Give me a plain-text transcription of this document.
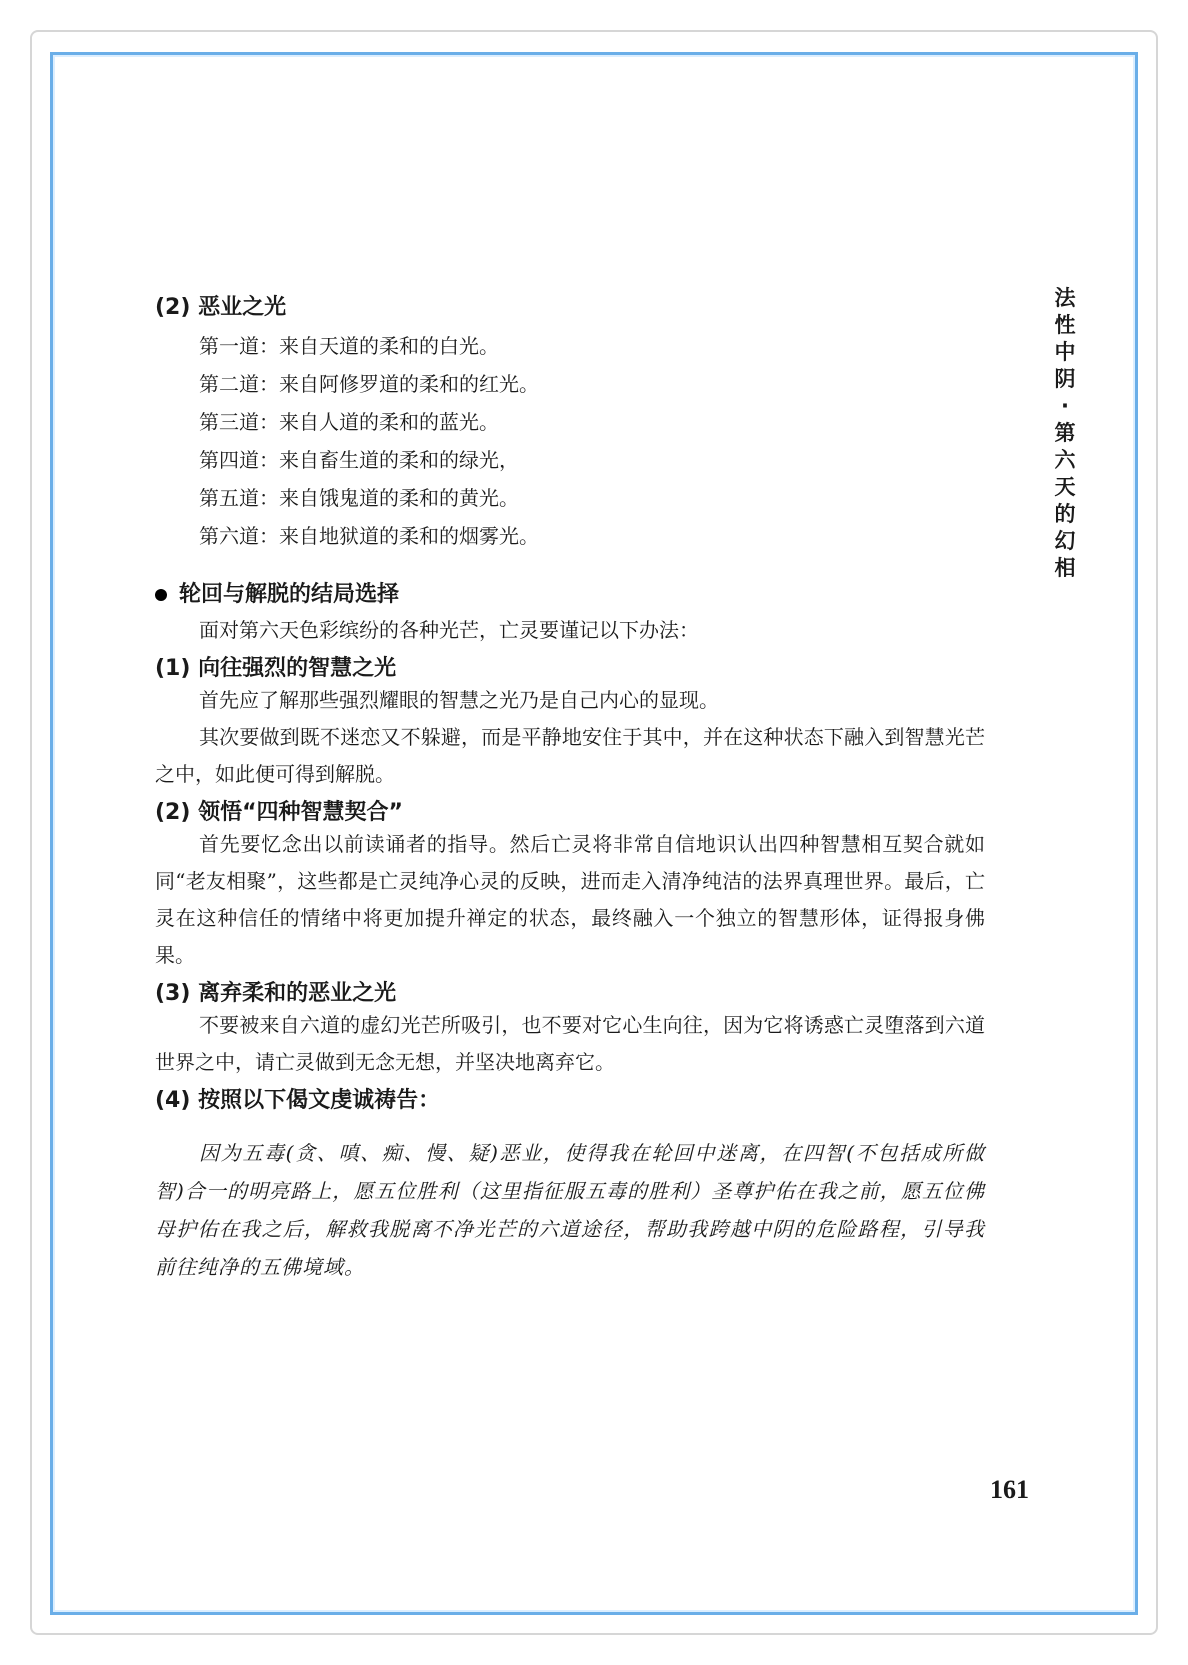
法
性
中
阴
·
第
六
天
的
幻
相

(2) 恶业之光

第一道：来自天道的柔和的白光。

第二道：来自阿修罗道的柔和的红光。

第三道：来自人道的柔和的蓝光。

第四道：来自畜生道的柔和的绿光，

第五道：来自饿鬼道的柔和的黄光。

第六道：来自地狱道的柔和的烟雾光。

轮回与解脱的结局选择

面对第六天色彩缤纷的各种光芒，亡灵要谨记以下办法：

(1) 向往强烈的智慧之光

首先应了解那些强烈耀眼的智慧之光乃是自己内心的显现。

其次要做到既不迷恋又不躲避，而是平静地安住于其中，并在这种状态下融入到智慧光芒之中，如此便可得到解脱。

(2) 领悟“四种智慧契合”

首先要忆念出以前读诵者的指导。然后亡灵将非常自信地识认出四种智慧相互契合就如同“老友相聚”，这些都是亡灵纯净心灵的反映，进而走入清净纯洁的法界真理世界。最后，亡灵在这种信任的情绪中将更加提升禅定的状态，最终融入一个独立的智慧形体，证得报身佛果。

(3) 离弃柔和的恶业之光

不要被来自六道的虚幻光芒所吸引，也不要对它心生向往，因为它将诱惑亡灵堕落到六道世界之中，请亡灵做到无念无想，并坚决地离弃它。

(4) 按照以下偈文虔诚祷告：

因为五毒(贪、嗔、痴、慢、疑)恶业，使得我在轮回中迷离，在四智(不包括成所做智)合一的明亮路上，愿五位胜利（这里指征服五毒的胜利）圣尊护佑在我之前，愿五位佛母护佑在我之后，解救我脱离不净光芒的六道途径，帮助我跨越中阴的危险路程，引导我前往纯净的五佛境域。

161
